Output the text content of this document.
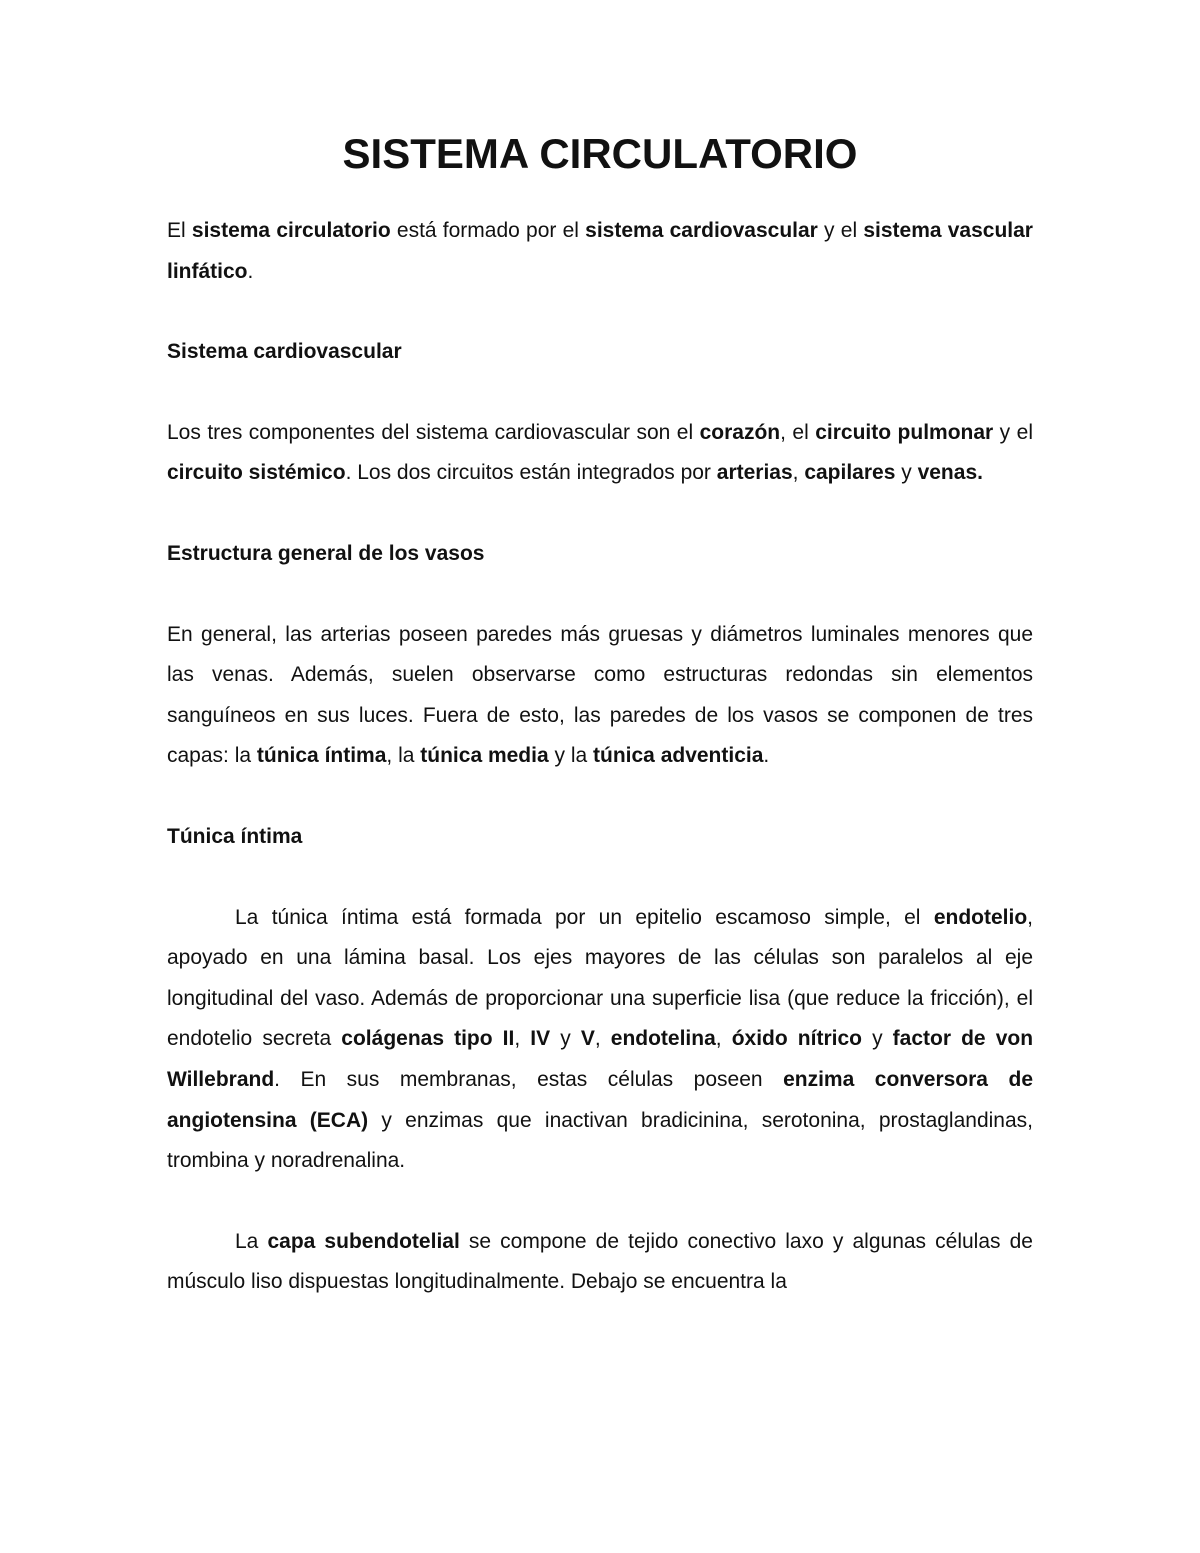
SISTEMA CIRCULATORIO

El sistema circulatorio está formado por el sistema cardiovascular y el sistema vascular linfático.

Sistema cardiovascular

Los tres componentes del sistema cardiovascular son el corazón, el circuito pulmonar y el circuito sistémico. Los dos circuitos están integrados por arterias, capilares y venas.

Estructura general de los vasos

En general, las arterias poseen paredes más gruesas y diámetros luminales menores que las venas. Además, suelen observarse como estructuras redondas sin elementos sanguíneos en sus luces. Fuera de esto, las paredes de los vasos se componen de tres capas: la túnica íntima, la túnica media y la túnica adventicia.

Túnica íntima

La túnica íntima está formada por un epitelio escamoso simple, el endotelio, apoyado en una lámina basal. Los ejes mayores de las células son paralelos al eje longitudinal del vaso. Además de proporcionar una superficie lisa (que reduce la fricción), el endotelio secreta colágenas tipo II, IV y V, endotelina, óxido nítrico y factor de von Willebrand. En sus membranas, estas células poseen enzima conversora de angiotensina (ECA) y enzimas que inactivan bradicinina, serotonina, prostaglandinas, trombina y noradrenalina.

La capa subendotelial se compone de tejido conectivo laxo y algunas células de músculo liso dispuestas longitudinalmente. Debajo se encuentra la
